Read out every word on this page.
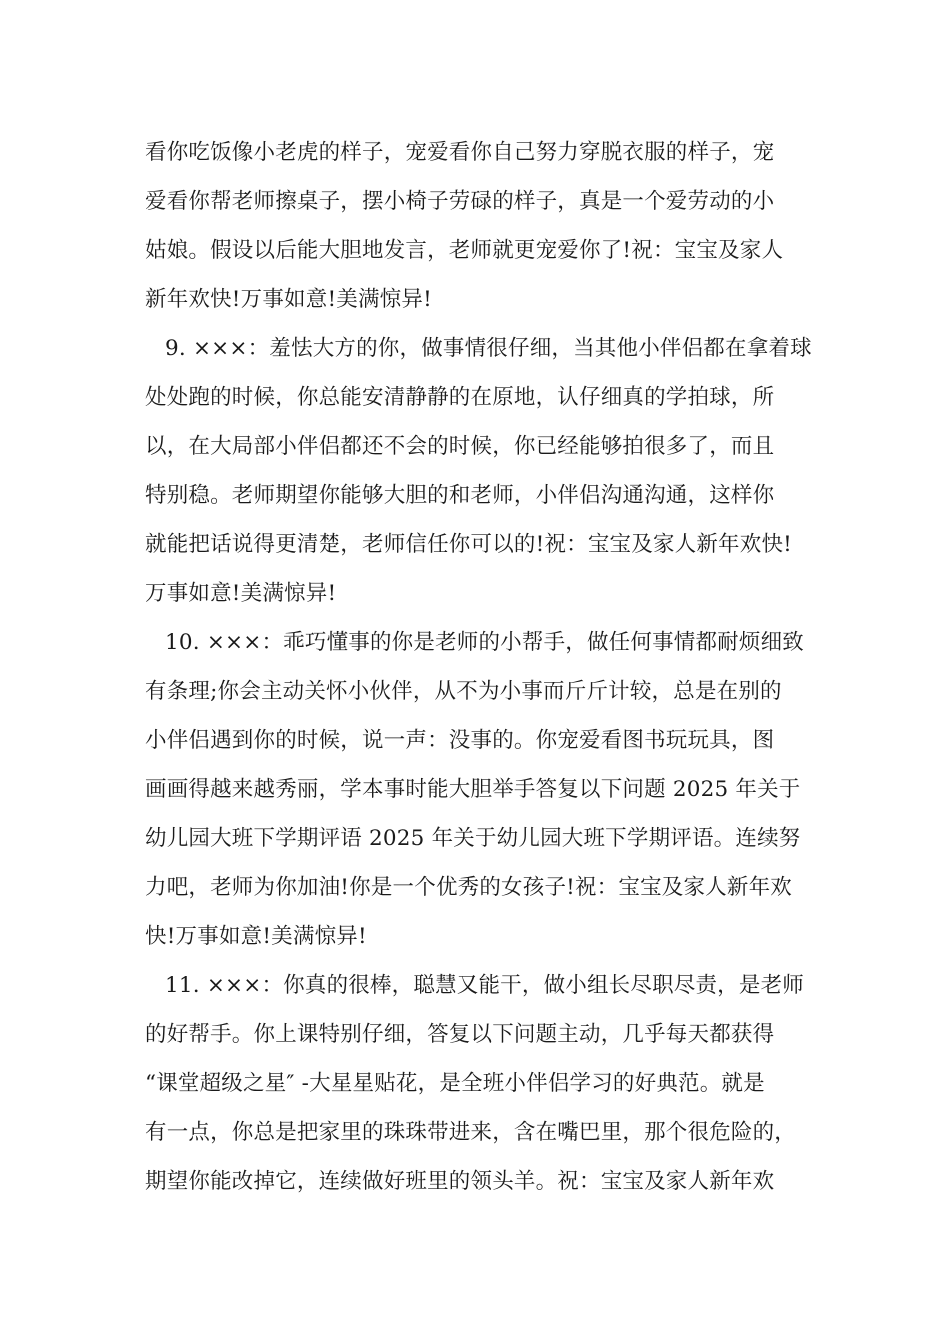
看你吃饭像小老虎的样子，宠爱看你自己努力穿脱衣服的样子，宠
爱看你帮老师擦桌子，摆小椅子劳碌的样子，真是一个爱劳动的小
姑娘。假设以后能大胆地发言，老师就更宠爱你了!祝：宝宝及家人
新年欢快!万事如意!美满惊异!
9. ×××：羞怯大方的你，做事情很仔细，当其他小伴侣都在拿着球
处处跑的时候，你总能安清静静的在原地，认仔细真的学拍球，所
以，在大局部小伴侣都还不会的时候，你已经能够拍很多了，而且
特别稳。老师期望你能够大胆的和老师，小伴侣沟通沟通，这样你
就能把话说得更清楚，老师信任你可以的!祝：宝宝及家人新年欢快!
万事如意!美满惊异!
10. ×××：乖巧懂事的你是老师的小帮手，做任何事情都耐烦细致
有条理;你会主动关怀小伙伴，从不为小事而斤斤计较，总是在别的
小伴侣遇到你的时候，说一声：没事的。你宠爱看图书玩玩具，图
画画得越来越秀丽，学本事时能大胆举手答复以下问题 2025 年关于
幼儿园大班下学期评语 2025 年关于幼儿园大班下学期评语。连续努
力吧，老师为你加油!你是一个优秀的女孩子!祝：宝宝及家人新年欢
快!万事如意!美满惊异!
11. ×××：你真的很棒，聪慧又能干，做小组长尽职尽责，是老师
的好帮手。你上课特别仔细，答复以下问题主动，几乎每天都获得
“课堂超级之星″ -大星星贴花，是全班小伴侣学习的好典范。就是
有一点，你总是把家里的珠珠带进来，含在嘴巴里，那个很危险的，
期望你能改掉它，连续做好班里的领头羊。祝：宝宝及家人新年欢
